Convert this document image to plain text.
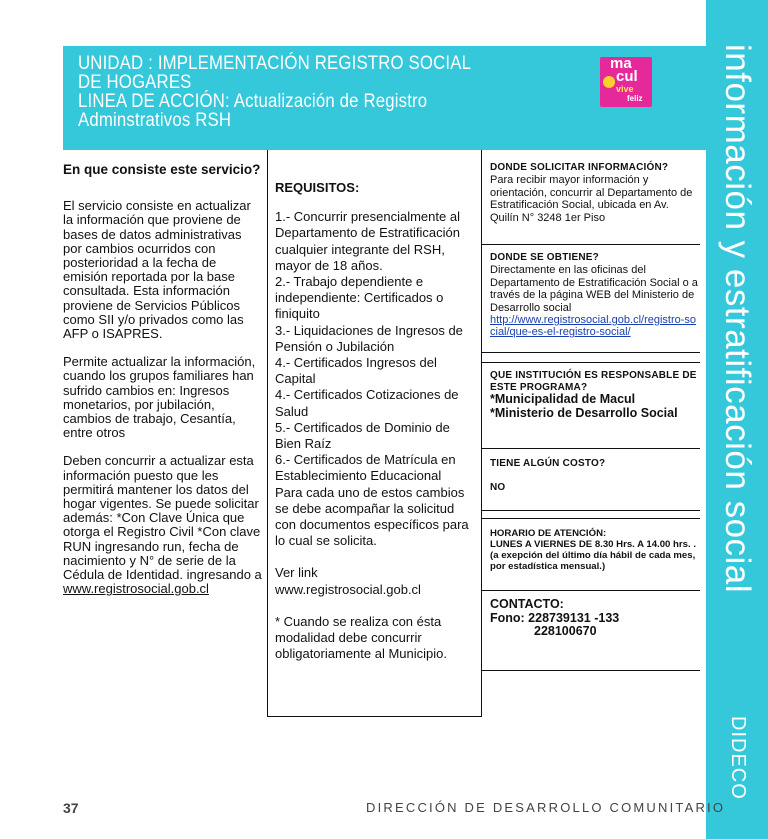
información y estratificación social
DIDECO
UNIDAD : IMPLEMENTACIÓN REGISTRO SOCIAL
DE HOGARES
LINEA DE ACCIÓN: Actualización de Registro
Adminstrativos RSH
ma
cul
vive
feliz
En que consiste este servicio?

El servicio consiste en actualizar la información que proviene de bases de datos administrativas por cambios ocurridos con posterioridad a la fecha de emisión reportada por la base consultada. Esta información proviene de Servicios Públicos como SII y/o privados como las AFP o ISAPRES.

Permite actualizar la información, cuando los grupos familiares han sufrido cambios en: Ingresos monetarios, por jubilación, cambios de trabajo, Cesantía, entre otros

Deben concurrir a actualizar esta información puesto que les permitirá mantener los datos del hogar vigentes. Se puede solicitar además: *Con Clave Única que otorga el Registro Civil *Con clave RUN ingresando run, fecha de nacimiento y N° de serie de la Cédula de Identidad. ingresando a

www.registrosocial.gob.cl
REQUISITOS:

1.- Concurrir presencialmente al Departamento de Estratificación cualquier integrante del RSH, mayor de 18 años.

2.- Trabajo dependiente e independiente: Certificados o finiquito

3.- Liquidaciones de Ingresos de Pensión o Jubilación

4.- Certificados Ingresos del Capital

4.- Certificados Cotizaciones de Salud

5.- Certificados de Dominio de Bien Raíz

6.- Certificados de Matrícula en Establecimiento Educacional

Para cada uno de estos cambios se debe acompañar la solicitud con documentos específicos para lo cual se solicita.

Ver link

www.registrosocial.gob.cl

* Cuando se realiza con ésta modalidad debe concurrir obligatoriamente al Municipio.

DONDE SOLICITAR INFORMACIÓN?
Para recibir mayor información y orientación, concurrir al Departamento de Estratificación Social, ubicada en Av. Quilín N° 3248 1er Piso
DONDE SE OBTIENE?
Directamente en las oficinas del Departamento de Estratificación Social o a través de la página WEB del Ministerio de Desarrollo social
http://www.registrosocial.gob.cl/registro-social/que-es-el-registro-social/
QUE INSTITUCIÓN ES RESPONSABLE DE ESTE PROGRAMA?
*Municipalidad de Macul
*Ministerio de Desarrollo Social
TIENE ALGÚN COSTO?
NO
HORARIO DE ATENCIÓN:
LUNES A VIERNES DE 8.30 Hrs. A 14.00 hrs. . (a exepción del último día hábil de cada mes, por estadística mensual.)
CONTACTO:
Fono: 228739131 -133
228100670
37	DIRECCIÓN DE DESARROLLO COMUNITARIO
